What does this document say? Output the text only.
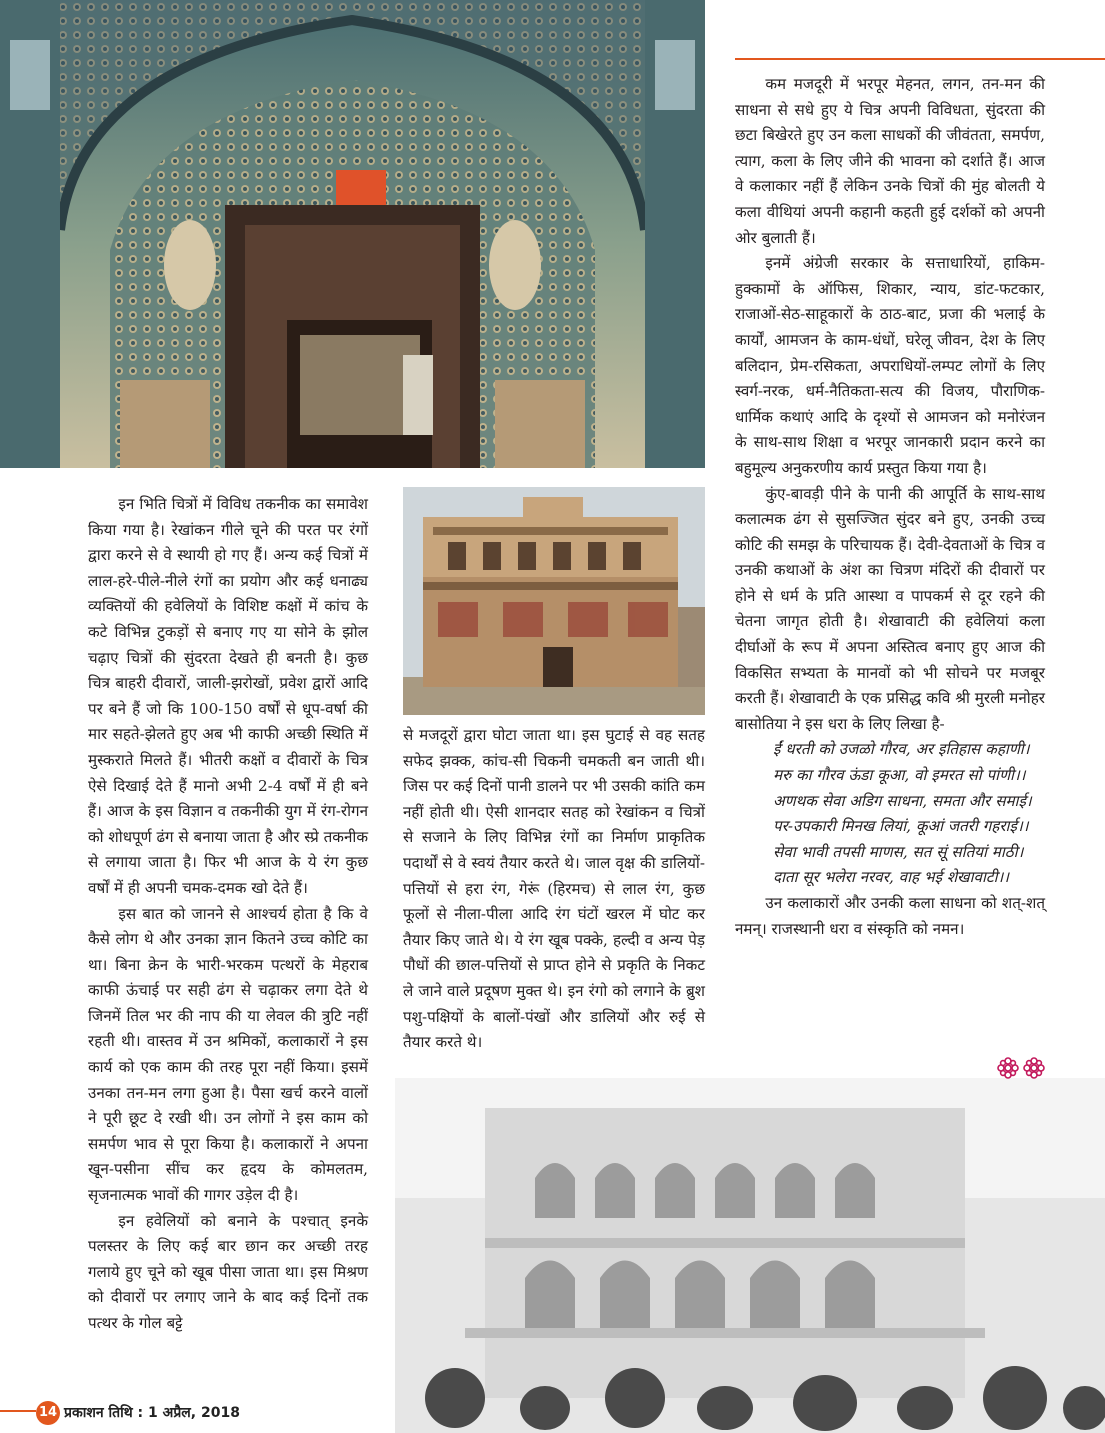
इन भिति चित्रों में विविध तकनीक का समावेश किया गया है। रेखांकन गीले चूने की परत पर रंगों द्वारा करने से वे स्थायी हो गए हैं। अन्य कई चित्रों में लाल-हरे-पीले-नीले रंगों का प्रयोग और कई धनाढ्य व्यक्तियों की हवेलियों के विशिष्ट कक्षों में कांच के कटे विभिन्न टुकड़ों से बनाए गए या सोने के झोल चढ़ाए चित्रों की सुंदरता देखते ही बनती है। कुछ चित्र बाहरी दीवारों, जाली-झरोखों, प्रवेश द्वारों आदि पर बने हैं जो कि 100-150 वर्षों से धूप-वर्षा की मार सहते-झेलते हुए अब भी काफी अच्छी स्थिति में मुस्कराते मिलते हैं। भीतरी कक्षों व दीवारों के चित्र ऐसे दिखाई देते हैं मानो अभी 2-4 वर्षों में ही बने हैं। आज के इस विज्ञान व तकनीकी युग में रंग-रोगन को शोधपूर्ण ढंग से बनाया जाता है और स्प्रे तकनीक से लगाया जाता है। फिर भी आज के ये रंग कुछ वर्षों में ही अपनी चमक-दमक खो देते हैं।

इस बात को जानने से आश्चर्य होता है कि वे कैसे लोग थे और उनका ज्ञान कितने उच्च कोटि का था। बिना क्रेन के भारी-भरकम पत्थरों के मेहराब काफी ऊंचाई पर सही ढंग से चढ़ाकर लगा देते थे जिनमें तिल भर की नाप की या लेवल की त्रुटि नहीं रहती थी। वास्तव में उन श्रमिकों, कलाकारों ने इस कार्य को एक काम की तरह पूरा नहीं किया। इसमें उनका तन-मन लगा हुआ है। पैसा खर्च करने वालों ने पूरी छूट दे रखी थी। उन लोगों ने इस काम को समर्पण भाव से पूरा किया है। कलाकारों ने अपना खून-पसीना सींच कर हृदय के कोमलतम, सृजनात्मक भावों की गागर उड़ेल दी है।

इन हवेलियों को बनाने के पश्चात् इनके पलस्तर के लिए कई बार छान कर अच्छी तरह गलाये हुए चूने को खूब पीसा जाता था। इस मिश्रण को दीवारों पर लगाए जाने के बाद कई दिनों तक पत्थर के गोल बट्टे

से मजदूरों द्वारा घोटा जाता था। इस घुटाई से वह सतह सफेद झक्क, कांच-सी चिकनी चमकती बन जाती थी। जिस पर कई दिनों पानी डालने पर भी उसकी कांति कम नहीं होती थी। ऐसी शानदार सतह को रेखांकन व चित्रों से सजाने के लिए विभिन्न रंगों का निर्माण प्राकृतिक पदार्थों से वे स्वयं तैयार करते थे। जाल वृक्ष की डालियों-पत्तियों से हरा रंग, गेरूं (हिरमच) से लाल रंग, कुछ फूलों से नीला-पीला आदि रंग घंटों खरल में घोट कर तैयार किए जाते थे। ये रंग खूब पक्के, हल्दी व अन्य पेड़ पौधों की छाल-पत्तियों से प्राप्त होने से प्रकृति के निकट ले जाने वाले प्रदूषण मुक्त थे। इन रंगो को लगाने के ब्रुश पशु-पक्षियों के बालों-पंखों और डालियों और रुई से तैयार करते थे।

कम मजदूरी में भरपूर मेहनत, लगन, तन-मन की साधना से सधे हुए ये चित्र अपनी विविधता, सुंदरता की छटा बिखेरते हुए उन कला साधकों की जीवंतता, समर्पण, त्याग, कला के लिए जीने की भावना को दर्शाते हैं। आज वे कलाकार नहीं हैं लेकिन उनके चित्रों की मुंह बोलती ये कला वीथियां अपनी कहानी कहती हुई दर्शकों को अपनी ओर बुलाती हैं।

इनमें अंग्रेजी सरकार के सत्ताधारियों, हाकिम-हुक्कामों के ऑफिस, शिकार, न्याय, डांट-फटकार, राजाओं-सेठ-साहूकारों के ठाठ-बाट, प्रजा की भलाई के कार्यों, आमजन के काम-धंधों, घरेलू जीवन, देश के लिए बलिदान, प्रेम-रसिकता, अपराधियों-लम्पट लोगों के लिए स्वर्ग-नरक, धर्म-नैतिकता-सत्य की विजय, पौराणिक-धार्मिक कथाएं आदि के दृश्यों से आमजन को मनोरंजन के साथ-साथ शिक्षा व भरपूर जानकारी प्रदान करने का बहुमूल्य अनुकरणीय कार्य प्रस्तुत किया गया है।

कुंए-बावड़ी पीने के पानी की आपूर्ति के साथ-साथ कलात्मक ढंग से सुसज्जित सुंदर बने हुए, उनकी उच्च कोटि की समझ के परिचायक हैं। देवी-देवताओं के चित्र व उनकी कथाओं के अंश का चित्रण मंदिरों की दीवारों पर होने से धर्म के प्रति आस्था व पापकर्म से दूर रहने की चेतना जागृत होती है। शेखावाटी की हवेलियां कला दीर्घाओं के रूप में अपना अस्तित्व बनाए हुए आज की विकसित सभ्यता के मानवों को भी सोचने पर मजबूर करती हैं। शेखावाटी के एक प्रसिद्ध कवि श्री मुरली मनोहर बासोतिया ने इस धरा के लिए लिखा है-

ईं धरती को उजळो गौरव, अर इतिहास कहाणी।
मरु का गौरव ऊंडा कूआ, वो इमरत सो पांणी।।
अणथक सेवा अडिग साधना, समता और समाई।
पर-उपकारी मिनख लियां, कूआं जतरी गहराई।।
सेवा भावी तपसी माणस, सत सूं सतियां माठी।
दाता सूर भलेरा नरवर, वाह भई शेखावाटी।।

उन कलाकारों और उनकी कला साधना को शत्-शत् नमन्। राजस्थानी धरा व संस्कृति को नमन।

14 प्रकाशन तिथि : 1 अप्रैल, 2018
